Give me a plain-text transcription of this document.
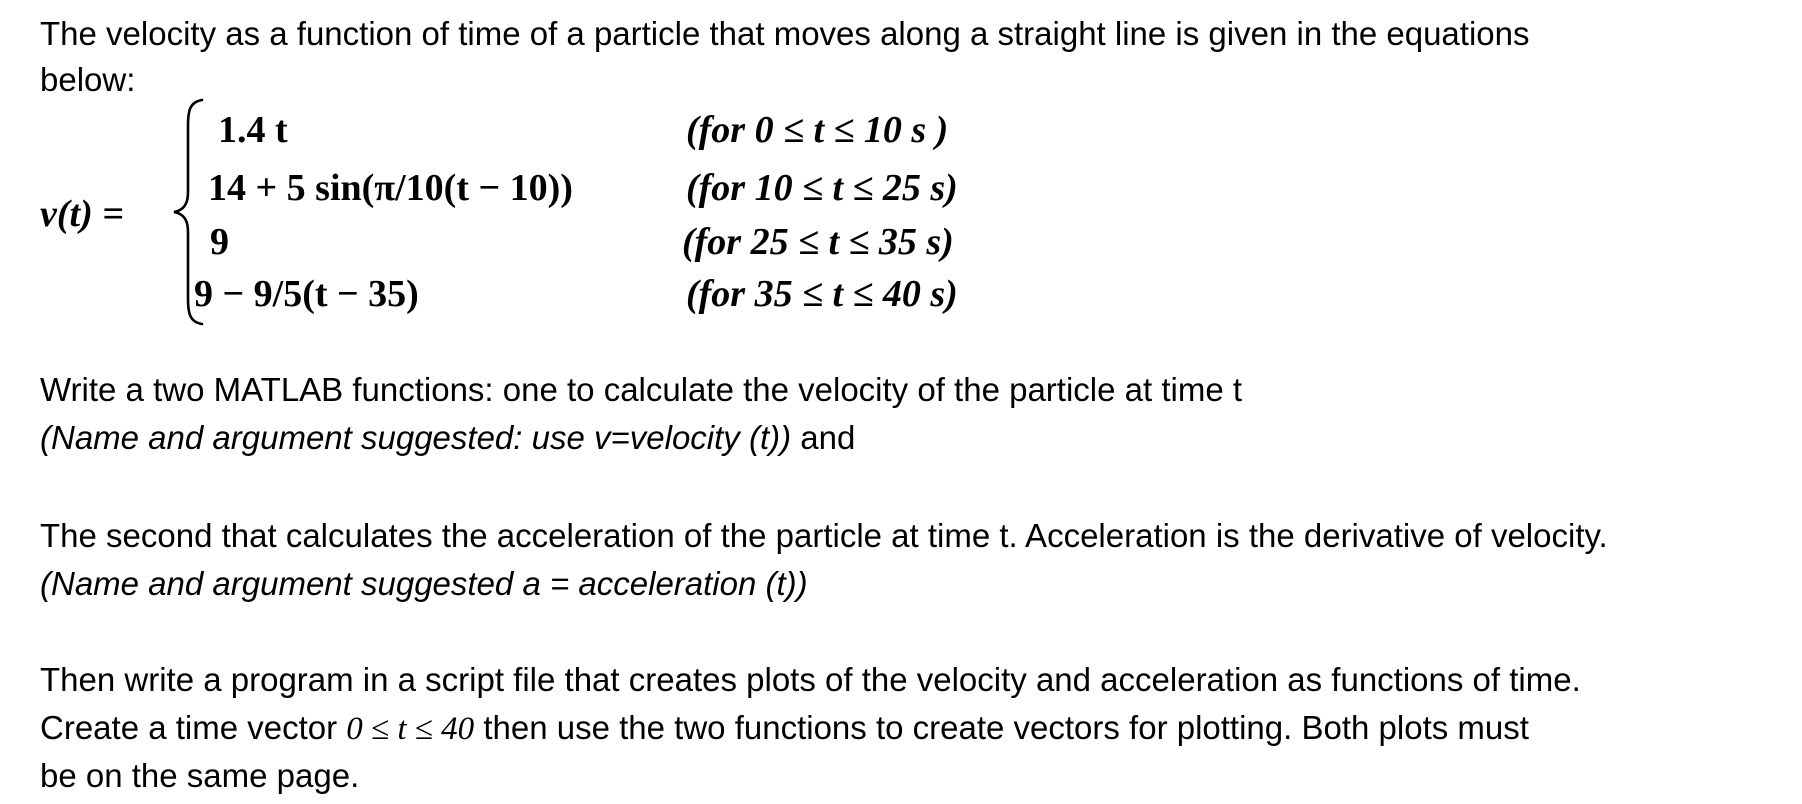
The velocity as a function of time of a particle that moves along a straight line is given in the equations
below:
v(t) =
1.4 t	(for 0 ≤ t ≤ 10 s )
14 + 5 sin(π/10(t − 10))	(for 10 ≤ t ≤ 25 s)
9	(for 25 ≤ t ≤ 35 s)
9 − 9/5(t − 35)	(for 35 ≤ t ≤ 40 s)
Write a two MATLAB functions: one to calculate the velocity of the particle at time t
(Name and argument suggested: use v=velocity (t)) and
The second that calculates the acceleration of the particle at time t. Acceleration is the derivative of velocity.
(Name and argument suggested a = acceleration (t))
Then write a program in a script file that creates plots of the velocity and acceleration as functions of time.
Create a time vector 0 ≤ t ≤ 40 then use the two functions to create vectors for plotting. Both plots must
be on the same page.
